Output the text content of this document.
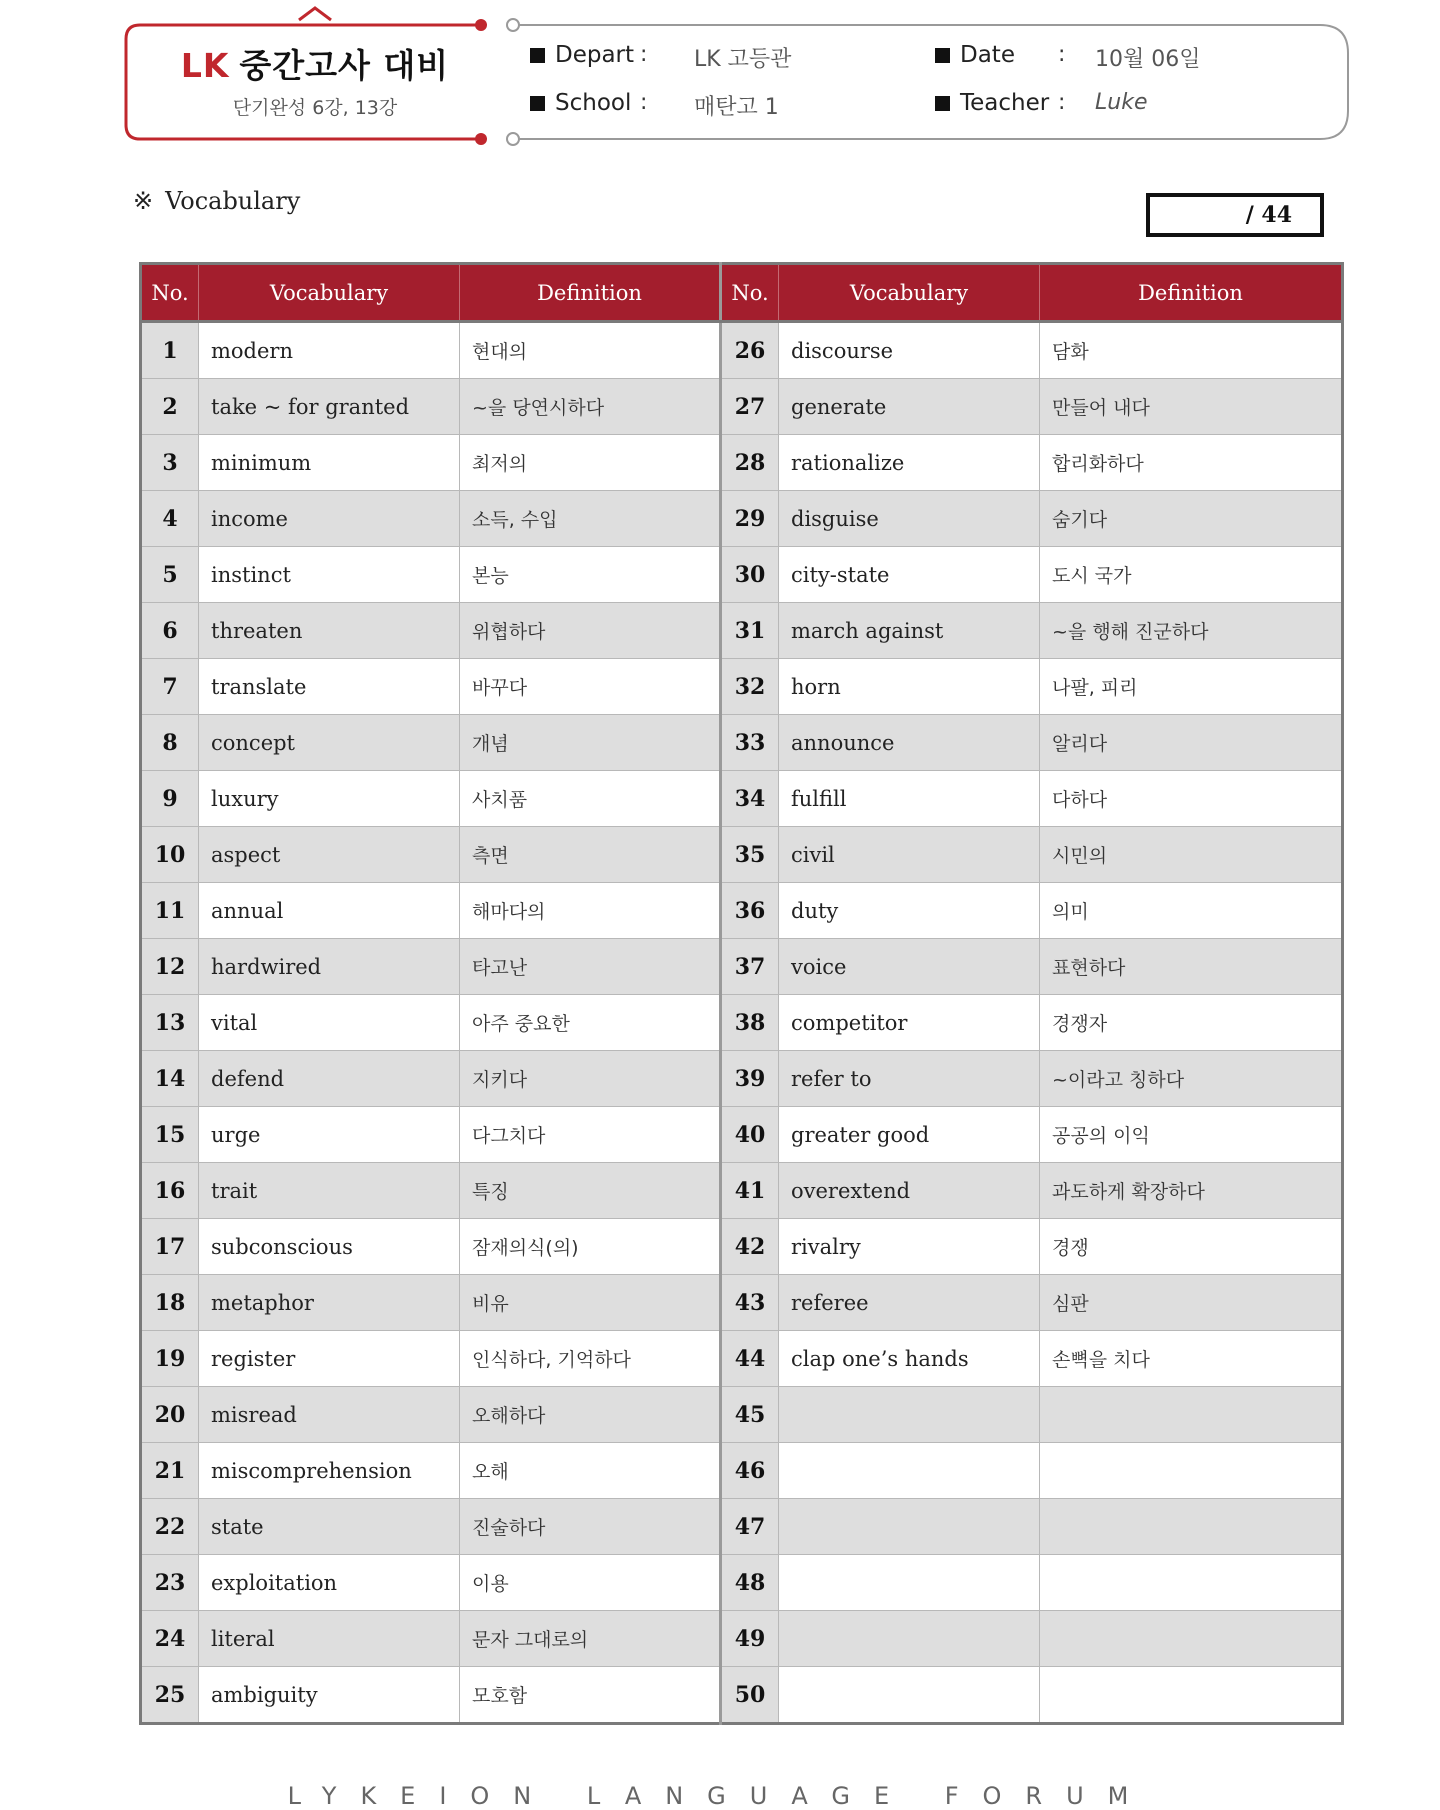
LK 중간고사 대비
단기완성 6강, 13강
Depart : LK 고등관
School : 매탄고 1
Date : 10월 06일
Teacher : Luke
※ Vocabulary	/ 44
No.	Vocabulary	Definition	No.	Vocabulary	Definition
1	modern	현대의	26	discourse	담화
2	take ~ for granted	~을 당연시하다	27	generate	만들어 내다
3	minimum	최저의	28	rationalize	합리화하다
4	income	소득, 수입	29	disguise	숨기다
5	instinct	본능	30	city-state	도시 국가
6	threaten	위협하다	31	march against	~을 행해 진군하다
7	translate	바꾸다	32	horn	나팔, 피리
8	concept	개념	33	announce	알리다
9	luxury	사치품	34	fulfill	다하다
10	aspect	측면	35	civil	시민의
11	annual	해마다의	36	duty	의미
12	hardwired	타고난	37	voice	표현하다
13	vital	아주 중요한	38	competitor	경쟁자
14	defend	지키다	39	refer to	~이라고 칭하다
15	urge	다그치다	40	greater good	공공의 이익
16	trait	특징	41	overextend	과도하게 확장하다
17	subconscious	잠재의식(의)	42	rivalry	경쟁
18	metaphor	비유	43	referee	심판
19	register	인식하다, 기억하다	44	clap one’s hands	손뼉을 치다
20	misread	오해하다	45		
21	miscomprehension	오해	46		
22	state	진술하다	47		
23	exploitation	이용	48		
24	literal	문자 그대로의	49		
25	ambiguity	모호함	50		
LYKEION LANGUAGE FORUM
